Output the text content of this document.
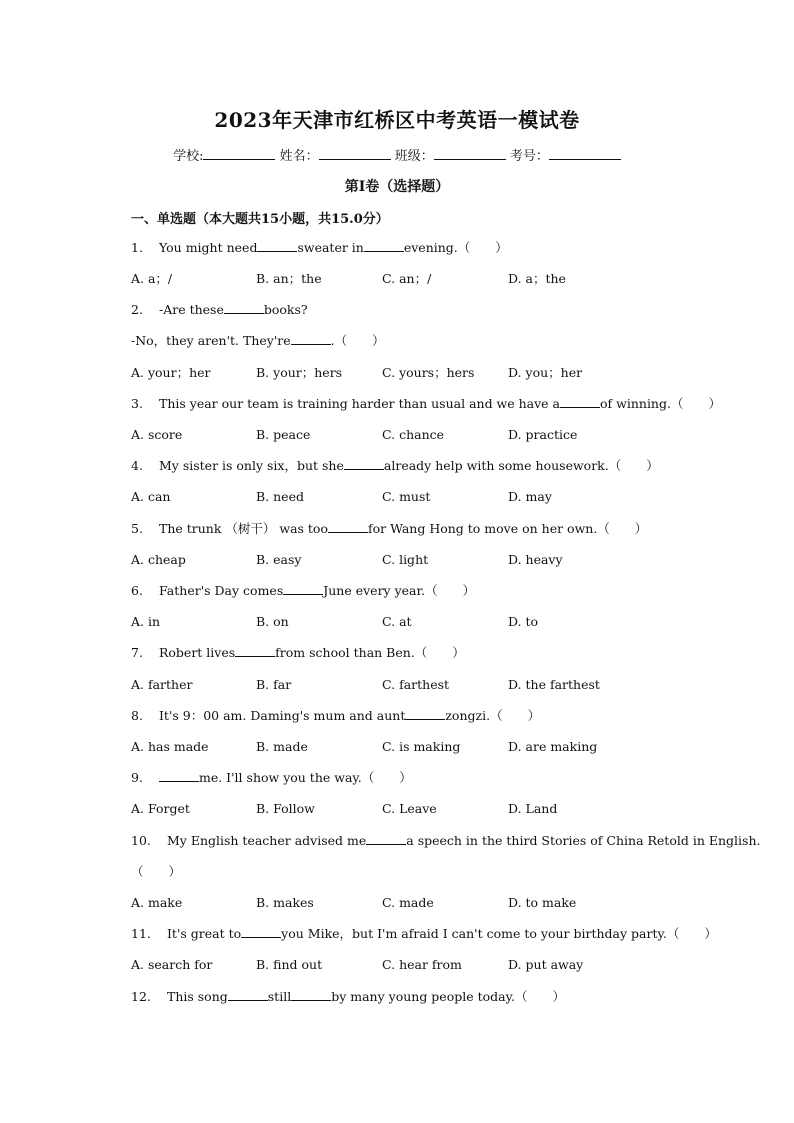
2023年天津市红桥区中考英语一模试卷
学校:	姓名：	班级：	考号：
第I卷（选择题）
一、单选题（本大题共15小题，共15.0分）
1. You might need	sweater in	evening.（　　）
A. a；/	B. an；the	C. an；/	D. a；the
2. -Are these	books?
-No，they aren't. They're	.（　　）
A. your；her	B. your；hers	C. yours；hers	D. you；her
3. This year our team is training harder than usual and we have a	of winning.（　　）
A. score	B. peace	C. chance	D. practice
4. My sister is only six，but she	already help with some housework.（　　）
A. can	B. need	C. must	D. may
5. The trunk （树干） was too	for Wang Hong to move on her own.（　　）
A. cheap	B. easy	C. light	D. heavy
6. Father's Day comes	June every year.（　　）
A. in	B. on	C. at	D. to
7. Robert lives	from school than Ben.（　　）
A. farther	B. far	C. farthest	D. the farthest
8. It's 9：00 am. Daming's mum and aunt	zongzi.（　　）
A. has made	B. made	C. is making	D. are making
9.	me. I'll show you the way.（　　）
A. Forget	B. Follow	C. Leave	D. Land
10. My English teacher advised me	a speech in the third Stories of China Retold in English.
（　　）
A. make	B. makes	C. made	D. to make
11. It's great to	you Mike，but I'm afraid I can't come to your birthday party.（　　）
A. search for	B. find out	C. hear from	D. put away
12. This song	still	by many young people today.（　　）
